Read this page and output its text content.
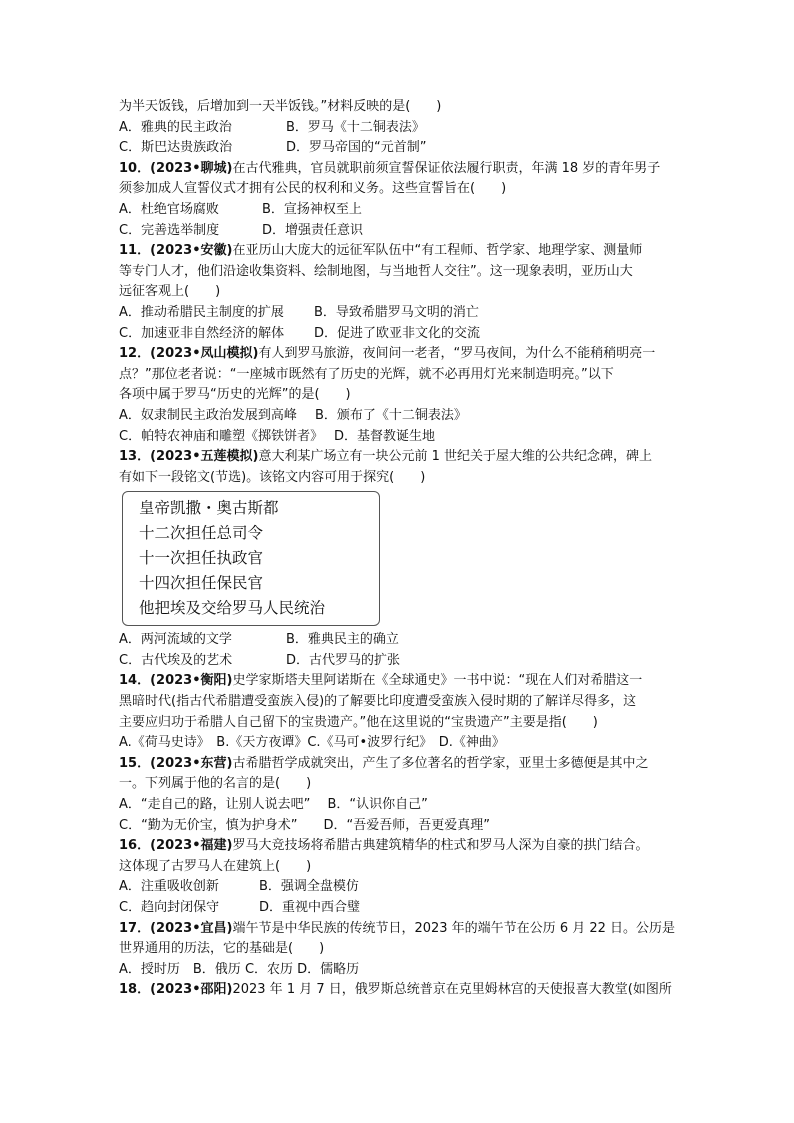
为半天饭钱，后增加到一天半饭钱。”材料反映的是(　　)
A．雅典的民主政治	B．罗马《十二铜表法》
C．斯巴达贵族政治	D．罗马帝国的“元首制”
10．(2023•聊城)在古代雅典，官员就职前须宣誓保证依法履行职责，年满 18 岁的青年男子
须参加成人宣誓仪式才拥有公民的权利和义务。这些宣誓旨在(　　)
A．杜绝官场腐败	B．宣扬神权至上
C．完善选举制度	D．增强责任意识
11．(2023•安徽)在亚历山大庞大的远征军队伍中“有工程师、哲学家、地理学家、测量师
等专门人才，他们沿途收集资料、绘制地图，与当地哲人交往”。这一现象表明，亚历山大
远征客观上(　　)
A．推动希腊民主制度的扩展 B．导致希腊罗马文明的消亡
C．加速亚非自然经济的解体 D．促进了欧亚非文化的交流
12．(2023•凤山模拟)有人到罗马旅游，夜间问一老者，“罗马夜间，为什么不能稍稍明亮一
点？”那位老者说：“一座城市既然有了历史的光辉，就不必再用灯光来制造明亮。”以下
各项中属于罗马“历史的光辉”的是(　　)
A．奴隶制民主政治发展到高峰 B．颁布了《十二铜表法》
C．帕特农神庙和雕塑《掷铁饼者》 D．基督教诞生地
13．(2023•五莲模拟)意大利某广场立有一块公元前 1 世纪关于屋大维的公共纪念碑，碑上
有如下一段铭文(节选)。该铭文内容可用于探究(　　)
皇帝凯撒・奥古斯都
十二次担任总司令
十一次担任执政官
十四次担任保民官
他把埃及交给罗马人民统治
A．两河流域的文学	B．雅典民主的确立
C．古代埃及的艺术	D．古代罗马的扩张
14．(2023•衡阳)史学家斯塔夫里阿诺斯在《全球通史》一书中说：“现在人们对希腊这一
黑暗时代(指古代希腊遭受蛮族入侵)的了解要比印度遭受蛮族入侵时期的了解详尽得多，这
主要应归功于希腊人自己留下的宝贵遗产。”他在这里说的“宝贵遗产”主要是指(　　)
A.《荷马史诗》　B.《天方夜谭》C.《马可•波罗行纪》　D.《神曲》
15．(2023•东营)古希腊哲学成就突出，产生了多位著名的哲学家，亚里士多德便是其中之
一。下列属于他的名言的是(　　)
A．“走自己的路，让别人说去吧”　 B．“认识你自己”
C．“勤为无价宝，慎为护身术”　　D．“吾爱吾师，吾更爱真理”
16．(2023•福建)罗马大竞技场将希腊古典建筑精华的柱式和罗马人深为自豪的拱门结合。
这体现了古罗马人在建筑上(　　)
A．注重吸收创新	B．强调全盘模仿
C．趋向封闭保守	D．重视中西合璧
17．(2023•宜昌)端午节是中华民族的传统节日，2023 年的端午节在公历 6 月 22 日。公历是
世界通用的历法，它的基础是(　　)
A．授时历　B．俄历 C．农历 D．儒略历
18．(2023•邵阳)2023 年 1 月 7 日，俄罗斯总统普京在克里姆林宫的天使报喜大教堂(如图所
